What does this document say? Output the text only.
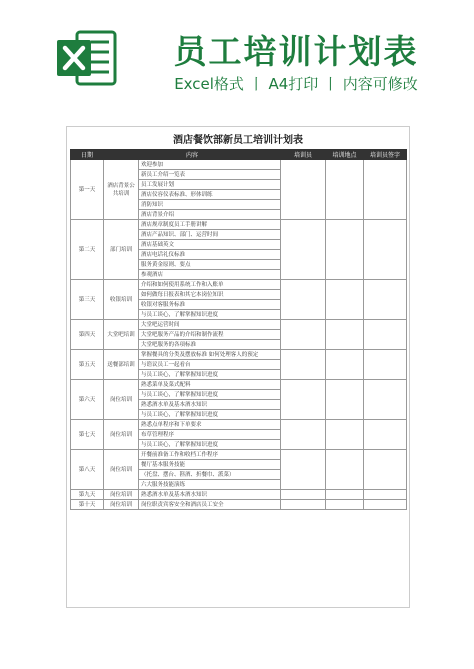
员工培训计划表
Excel格式 丨 A4打印 丨 内容可修改
酒店餐饮部新员工培训计划表
日期	内容		培训员	培训地点	培训员签字
第一天	酒店背景公共培训	欢迎参加			
		新员工介绍一览表			
		员工发展计划			
		酒店仪容仪表标准、形体训练			
		消防知识			
		酒店背景介绍			
第二天	部门培训	酒店规章制度员工手册讲解			
		酒店产品知识、部门、运营时间			
		酒店基础英文			
		酒店电话礼仪标准			
		服务黄金原则、要点			
		参观酒店			
第三天	收银培训	介绍和如何使用系统工作和入账单			
		如何做每日报表和其它本岗位知识			
		收银对客服务标准			
		与员工谈心，了解掌握知识进度			
第四天	大堂吧培训	大堂吧运营时间			
		大堂吧服务产品的介绍和制作流程			
		大堂吧服务的各项标准			
第五天	送餐部培训	掌握餐具的分类及摆放标准 如何处理客人的预定			
		与谘议员工一起看台			
		与员工谈心，了解掌握知识进度			
第六天	岗位培训	熟悉菜单及菜式配料			
		与员工谈心，了解掌握知识进度			
		熟悉酒水单及基本酒水知识			
		与员工谈心，了解掌握知识进度			
第七天	岗位培训	熟悉点单程序和下单要求			
		布草管理程序			
		与员工谈心，了解掌握知识进度			
第八天	岗位培训	开餐前准备工作和收档工作程序			
		餐厅基本服务技能			
		（托盘、摆台、斟酒、折餐巾、派菜）			
		六大服务技能演练			
第九天	岗位培训	熟悉酒水单及基本酒水知识			
第十天	岗位培训	岗位职责宾客安全和酒店员工安全			
